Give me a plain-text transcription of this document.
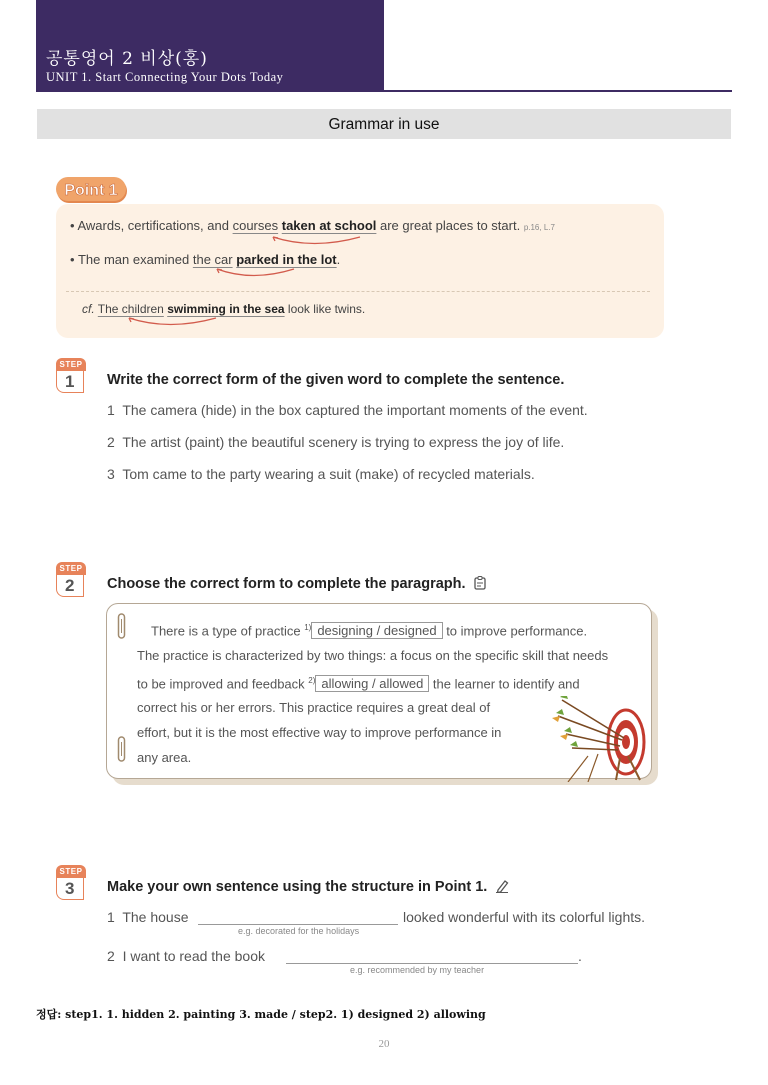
공통영어 2 비상(홍)
UNIT 1. Start Connecting Your Dots Today
Grammar in use
Point 1
• Awards, certifications, and courses taken at school are great places to start. p.16, L.7
• The man examined the car parked in the lot.
cf. The children swimming in the sea look like twins.
STEP
1	Write the correct form of the given word to complete the sentence.
1 The camera (hide) in the box captured the important moments of the event.
2 The artist (paint) the beautiful scenery is trying to express the joy of life.
3 Tom came to the party wearing a suit (make) of recycled materials.
STEP
2	Choose the correct form to complete the paragraph.
There is a type of practice $^{1)}$ designing / designed to improve performance.
The practice is characterized by two things: a focus on the specific skill that needs
to be improved and feedback $^{2)}$ allowing / allowed the learner to identify and
correct his or her errors. This practice requires a great deal of
effort, but it is the most effective way to improve performance in
any area.
STEP
3	Make your own sentence using the structure in Point 1.
1 The house
e.g. decorated for the holidays
looked wonderful with its colorful lights.
2 I want to read the book
e.g. recommended by my teacher
.
정답: step1. 1. hidden 2. painting 3. made / step2. 1) designed 2) allowing
20
